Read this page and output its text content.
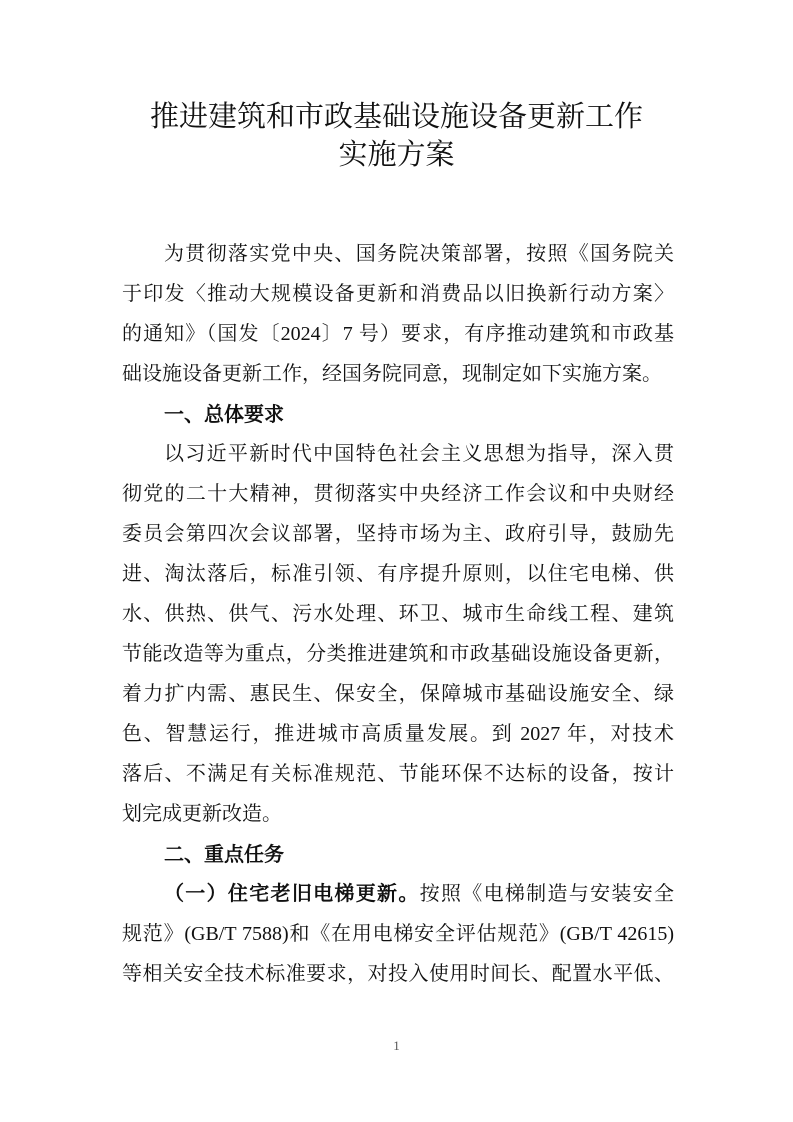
推进建筑和市政基础设施设备更新工作
实施方案
为贯彻落实党中央、国务院决策部署，按照《国务院关
于印发〈推动大规模设备更新和消费品以旧换新行动方案〉
的通知》（国发〔2024〕7 号）要求，有序推动建筑和市政基
础设施设备更新工作，经国务院同意，现制定如下实施方案。
一、总体要求
以习近平新时代中国特色社会主义思想为指导，深入贯
彻党的二十大精神，贯彻落实中央经济工作会议和中央财经
委员会第四次会议部署，坚持市场为主、政府引导，鼓励先
进、淘汰落后，标准引领、有序提升原则，以住宅电梯、供
水、供热、供气、污水处理、环卫、城市生命线工程、建筑
节能改造等为重点，分类推进建筑和市政基础设施设备更新，
着力扩内需、惠民生、保安全，保障城市基础设施安全、绿
色、智慧运行，推进城市高质量发展。到 2027 年，对技术
落后、不满足有关标准规范、节能环保不达标的设备，按计
划完成更新改造。
二、重点任务
（一）住宅老旧电梯更新。按照《电梯制造与安装安全
规范》(GB/T 7588)和《在用电梯安全评估规范》(GB/T 42615)
等相关安全技术标准要求，对投入使用时间长、配置水平低、
1
